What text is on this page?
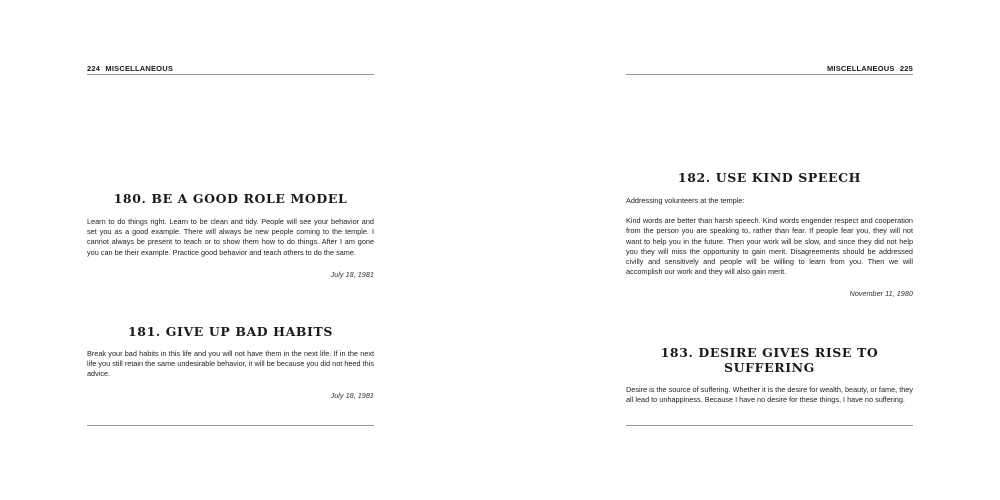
224 MISCELLANEOUS
180. BE A GOOD ROLE MODEL

Learn to do things right. Learn to be clean and tidy. People will see your behavior and set you as a good example. There will always be new people coming to the temple. I cannot always be present to teach or to show them how to do things. After I am gone you can be their example. Practice good behavior and teach others to do the same.

July 18, 1981
181. GIVE UP BAD HABITS

Break your bad habits in this life and you will not have them in the next life. If in the next life you still retain the same undesirable behavior, it will be because you did not heed this advice.

July 18, 1981
MISCELLANEOUS 225
182. USE KIND SPEECH

Addressing volunteers at the temple:

Kind words are better than harsh speech. Kind words engender respect and cooperation from the person you are speaking to, rather than fear. If people fear you, they will not want to help you in the future. Then your work will be slow, and since they did not help you they will miss the opportunity to gain merit. Disagreements should be addressed civilly and sensitively and people will be willing to learn from you. Then we will accomplish our work and they will also gain merit.

November 11, 1980
183. DESIRE GIVES RISE TO SUFFERING

Desire is the source of suffering. Whether it is the desire for wealth, beauty, or fame, they all lead to unhappiness. Because I have no desire for these things, I have no suffering.
